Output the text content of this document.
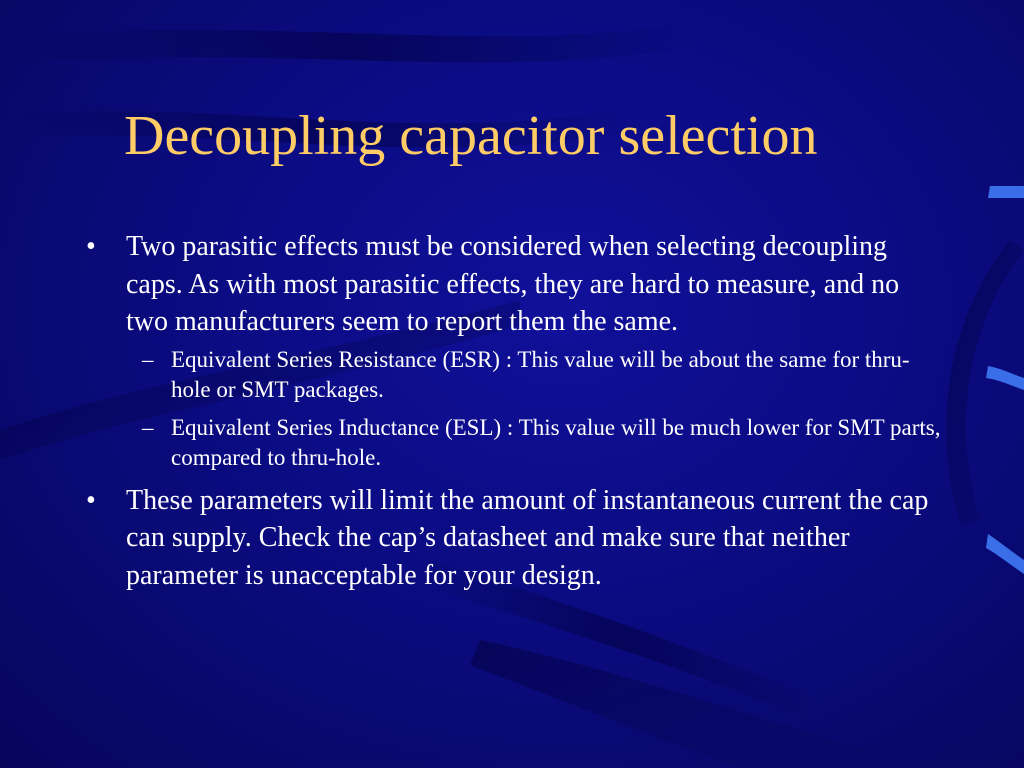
Decoupling capacitor selection
• Two parasitic effects must be considered when selecting decoupling caps. As with most parasitic effects, they are hard to measure, and no two manufacturers seem to report them the same.
– Equivalent Series Resistance (ESR) : This value will be about the same for thru-hole or SMT packages.
– Equivalent Series Inductance (ESL) : This value will be much lower for SMT parts, compared to thru-hole.
• These parameters will limit the amount of instantaneous current the cap can supply. Check the cap’s datasheet and make sure that neither parameter is unacceptable for your design.
